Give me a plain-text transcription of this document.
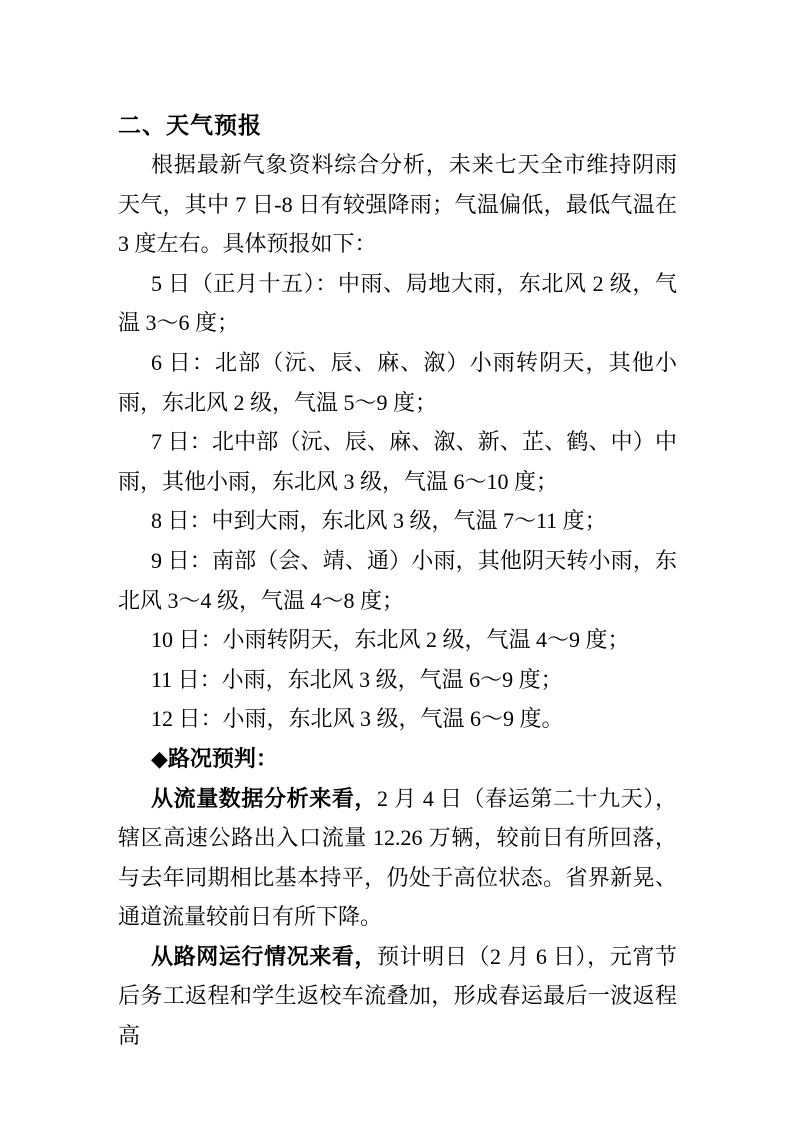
二、天气预报

根据最新气象资料综合分析，未来七天全市维持阴雨天气，其中 7 日-8 日有较强降雨；气温偏低，最低气温在 3 度左右。具体预报如下：

5 日（正月十五）：中雨、局地大雨，东北风 2 级，气温 3～6 度；

6 日：北部（沅、辰、麻、溆）小雨转阴天，其他小雨，东北风 2 级，气温 5～9 度；

7 日：北中部（沅、辰、麻、溆、新、芷、鹤、中）中雨，其他小雨，东北风 3 级，气温 6～10 度；

8 日：中到大雨，东北风 3 级，气温 7～11 度；

9 日：南部（会、靖、通）小雨，其他阴天转小雨，东北风 3～4 级，气温 4～8 度；

10 日：小雨转阴天，东北风 2 级，气温 4～9 度；

11 日：小雨，东北风 3 级，气温 6～9 度；

12 日：小雨，东北风 3 级，气温 6～9 度。

◆路况预判：

从流量数据分析来看，2 月 4 日（春运第二十九天），辖区高速公路出入口流量 12.26 万辆，较前日有所回落，与去年同期相比基本持平，仍处于高位状态。省界新晃、通道流量较前日有所下降。

从路网运行情况来看，预计明日（2 月 6 日），元宵节后务工返程和学生返校车流叠加，形成春运最后一波返程高
